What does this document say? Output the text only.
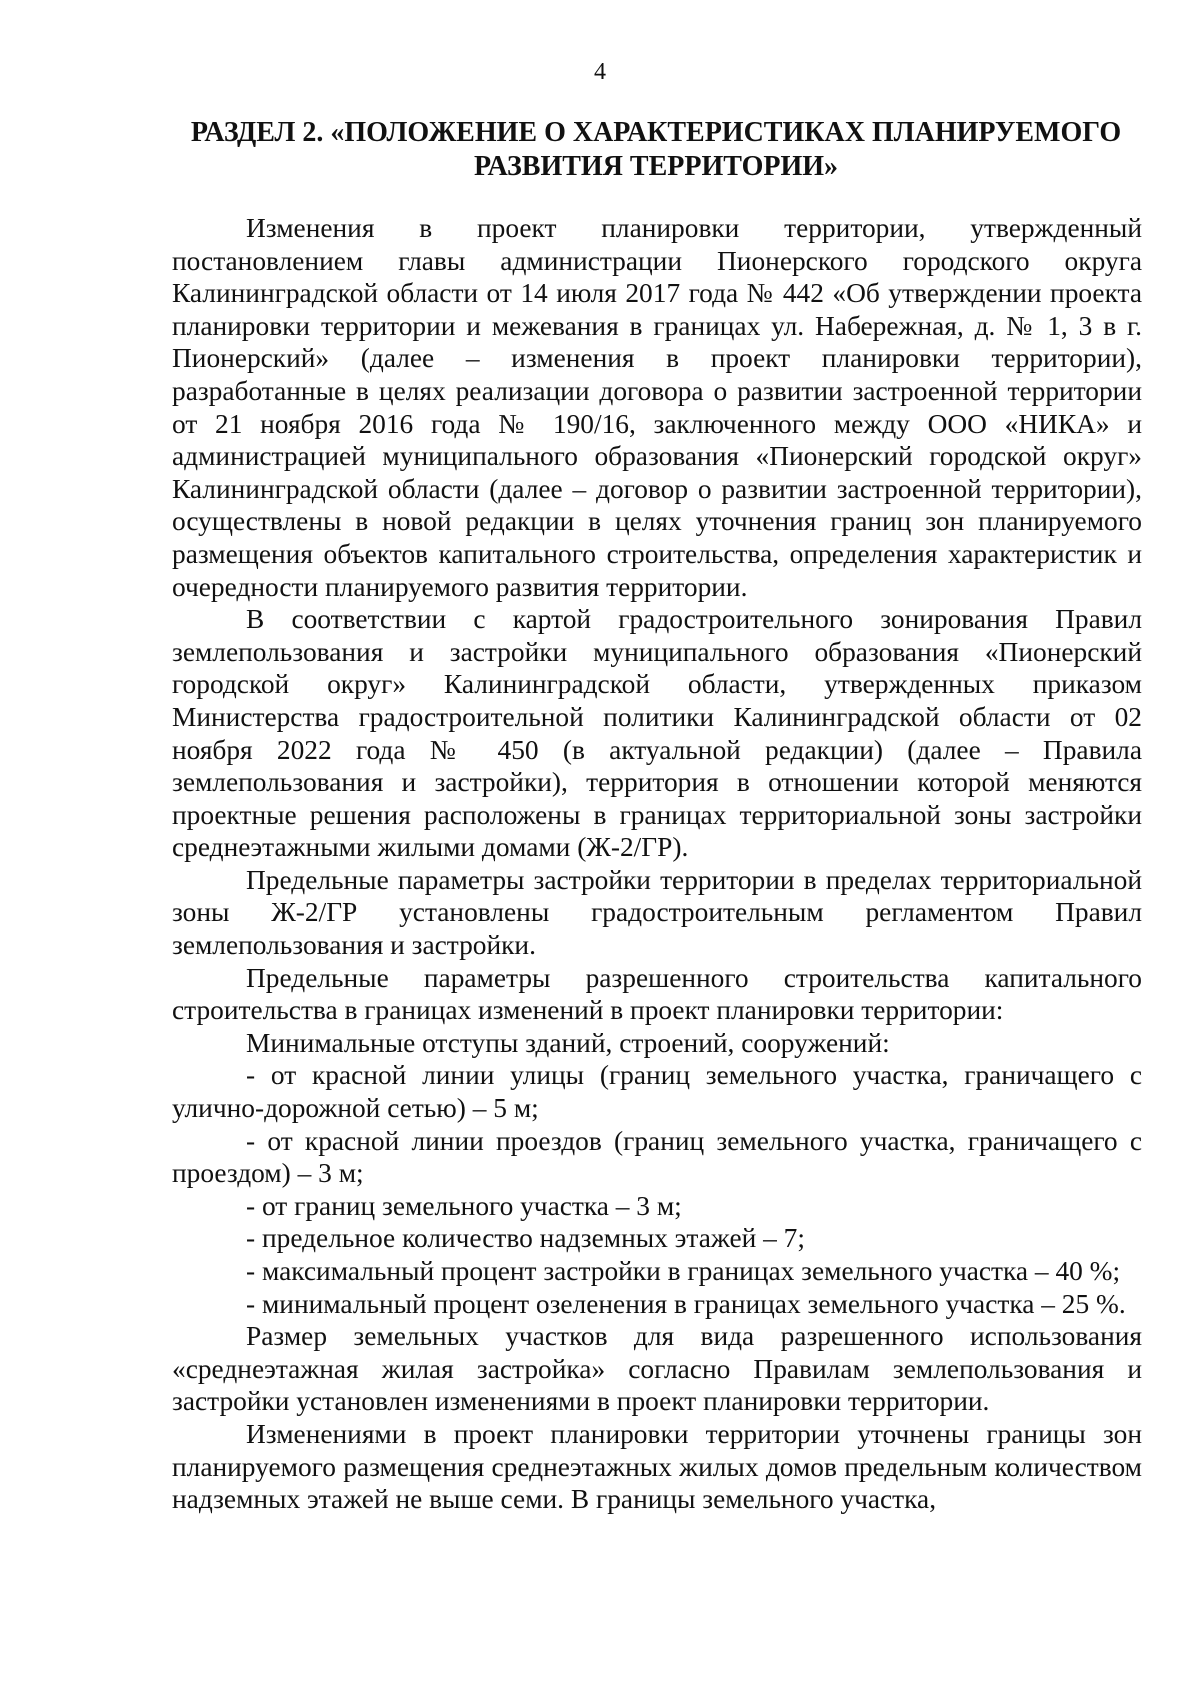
4
РАЗДЕЛ 2. «ПОЛОЖЕНИЕ О ХАРАКТЕРИСТИКАХ ПЛАНИРУЕМОГО РАЗВИТИЯ ТЕРРИТОРИИ»

Изменения в проект планировки территории, утвержденный постановлением главы администрации Пионерского городского округа Калининградской области от 14 июля 2017 года № 442 «Об утверждении проекта планировки территории и межевания в границах ул. Набережная, д. № 1, 3 в г. Пионерский» (далее – изменения в проект планировки территории), разработанные в целях реализации договора о развитии застроенной территории от 21 ноября 2016 года № 190/16, заключенного между ООО «НИКА» и администрацией муниципального образования «Пионерский городской округ» Калининградской области (далее – договор о развитии застроенной территории), осуществлены в новой редакции в целях уточнения границ зон планируемого размещения объектов капитального строительства, определения характеристик и очередности планируемого развития территории.

В соответствии с картой градостроительного зонирования Правил землепользования и застройки муниципального образования «Пионерский городской округ» Калининградской области, утвержденных приказом Министерства градостроительной политики Калининградской области от 02 ноября 2022 года № 450 (в актуальной редакции) (далее – Правила землепользования и застройки), территория в отношении которой меняются проектные решения расположены в границах территориальной зоны застройки среднеэтажными жилыми домами (Ж-2/ГР).

Предельные параметры застройки территории в пределах территориальной зоны Ж-2/ГР установлены градостроительным регламентом Правил землепользования и застройки.

Предельные параметры разрешенного строительства капитального строительства в границах изменений в проект планировки территории:

Минимальные отступы зданий, строений, сооружений:

- от красной линии улицы (границ земельного участка, граничащего с улично-дорожной сетью) – 5 м;

- от красной линии проездов (границ земельного участка, граничащего с проездом) – 3 м;

- от границ земельного участка – 3 м;

- предельное количество надземных этажей – 7;

- максимальный процент застройки в границах земельного участка – 40 %;

- минимальный процент озеленения в границах земельного участка – 25 %.

Размер земельных участков для вида разрешенного использования «среднеэтажная жилая застройка» согласно Правилам землепользования и застройки установлен изменениями в проект планировки территории.

Изменениями в проект планировки территории уточнены границы зон планируемого размещения среднеэтажных жилых домов предельным количеством надземных этажей не выше семи. В границы земельного участка,
